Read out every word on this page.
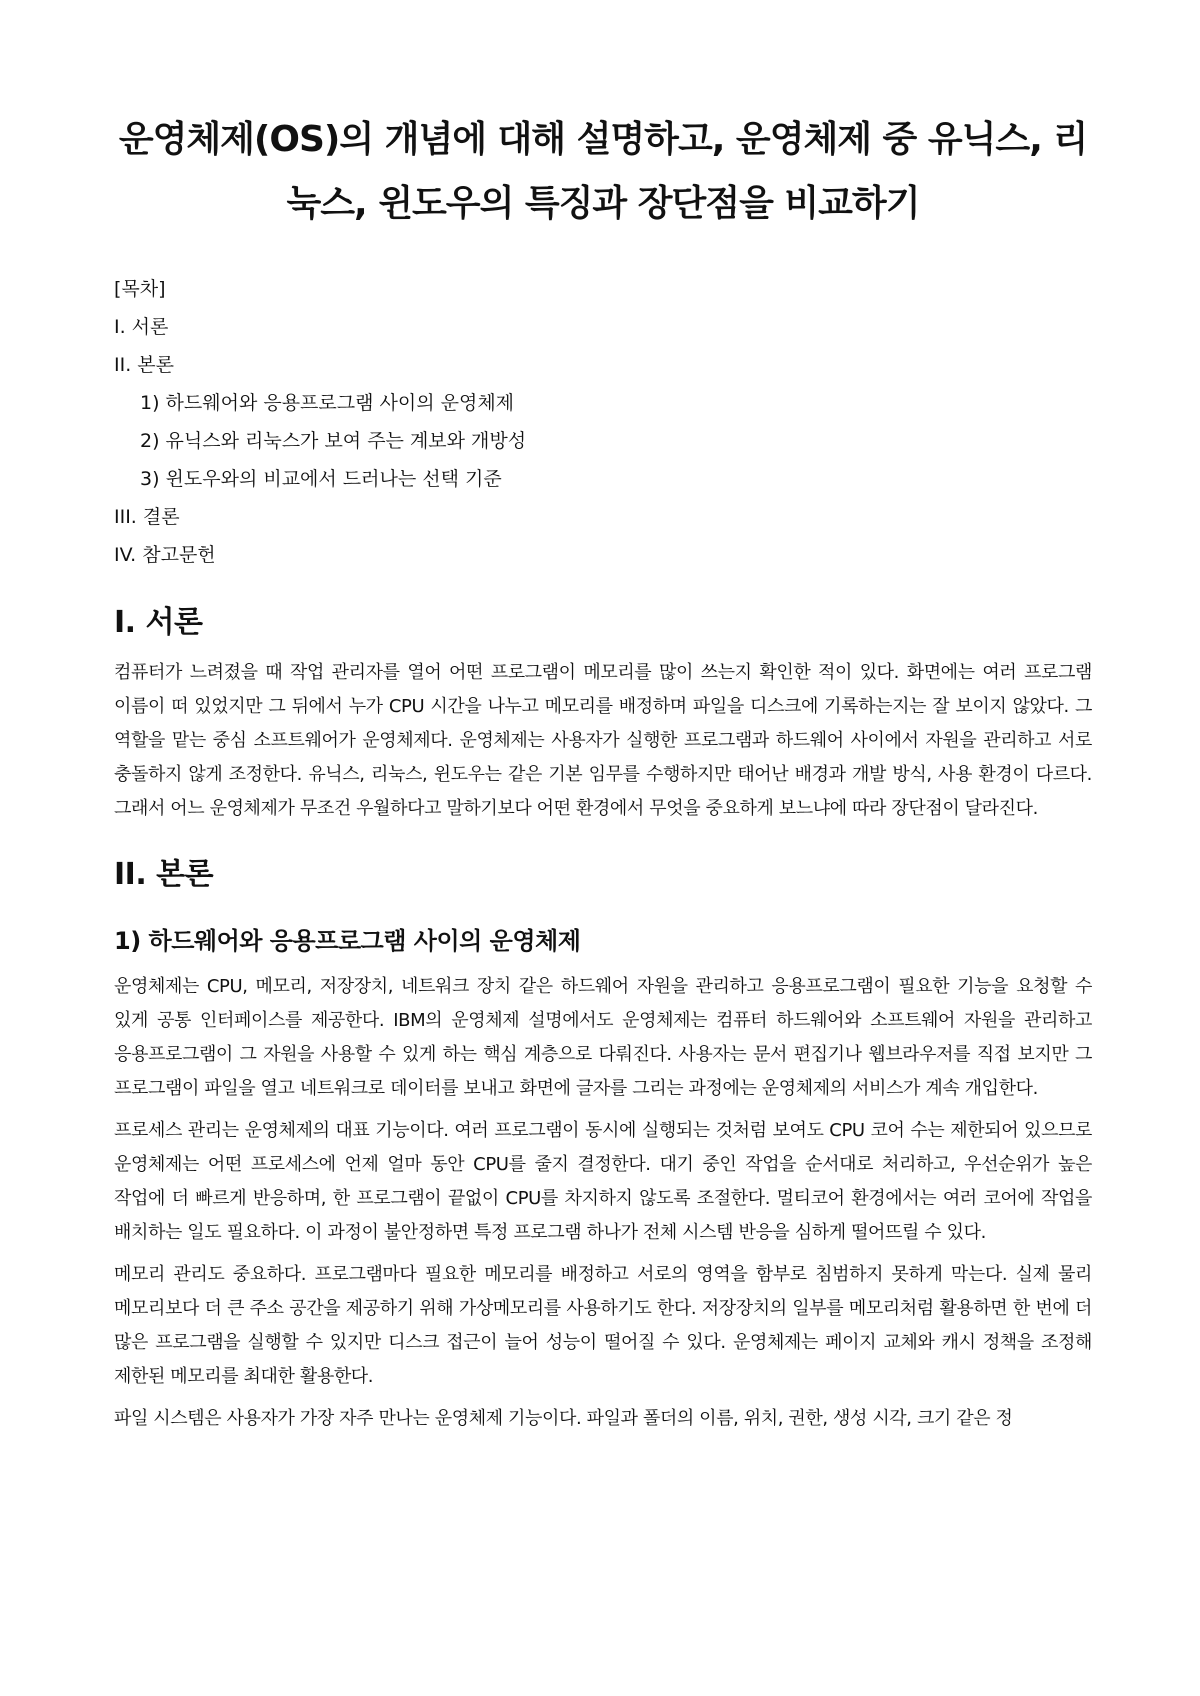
운영체제(OS)의 개념에 대해 설명하고, 운영체제 중 유닉스, 리눅스, 윈도우의 특징과 장단점을 비교하기
[목차]
I. 서론
II. 본론
1) 하드웨어와 응용프로그램 사이의 운영체제
2) 유닉스와 리눅스가 보여 주는 계보와 개방성
3) 윈도우와의 비교에서 드러나는 선택 기준
III. 결론
IV. 참고문헌
I. 서론

컴퓨터가 느려졌을 때 작업 관리자를 열어 어떤 프로그램이 메모리를 많이 쓰는지 확인한 적이 있다. 화면에는 여러 프로그램 이름이 떠 있었지만 그 뒤에서 누가 CPU 시간을 나누고 메모리를 배정하며 파일을 디스크에 기록하는지는 잘 보이지 않았다. 그 역할을 맡는 중심 소프트웨어가 운영체제다. 운영체제는 사용자가 실행한 프로그램과 하드웨어 사이에서 자원을 관리하고 서로 충돌하지 않게 조정한다. 유닉스, 리눅스, 윈도우는 같은 기본 임무를 수행하지만 태어난 배경과 개발 방식, 사용 환경이 다르다. 그래서 어느 운영체제가 무조건 우월하다고 말하기보다 어떤 환경에서 무엇을 중요하게 보느냐에 따라 장단점이 달라진다.

II. 본론
1) 하드웨어와 응용프로그램 사이의 운영체제

운영체제는 CPU, 메모리, 저장장치, 네트워크 장치 같은 하드웨어 자원을 관리하고 응용프로그램이 필요한 기능을 요청할 수 있게 공통 인터페이스를 제공한다. IBM의 운영체제 설명에서도 운영체제는 컴퓨터 하드웨어와 소프트웨어 자원을 관리하고 응용프로그램이 그 자원을 사용할 수 있게 하는 핵심 계층으로 다뤄진다. 사용자는 문서 편집기나 웹브라우저를 직접 보지만 그 프로그램이 파일을 열고 네트워크로 데이터를 보내고 화면에 글자를 그리는 과정에는 운영체제의 서비스가 계속 개입한다.

프로세스 관리는 운영체제의 대표 기능이다. 여러 프로그램이 동시에 실행되는 것처럼 보여도 CPU 코어 수는 제한되어 있으므로 운영체제는 어떤 프로세스에 언제 얼마 동안 CPU를 줄지 결정한다. 대기 중인 작업을 순서대로 처리하고, 우선순위가 높은 작업에 더 빠르게 반응하며, 한 프로그램이 끝없이 CPU를 차지하지 않도록 조절한다. 멀티코어 환경에서는 여러 코어에 작업을 배치하는 일도 필요하다. 이 과정이 불안정하면 특정 프로그램 하나가 전체 시스템 반응을 심하게 떨어뜨릴 수 있다.

메모리 관리도 중요하다. 프로그램마다 필요한 메모리를 배정하고 서로의 영역을 함부로 침범하지 못하게 막는다. 실제 물리 메모리보다 더 큰 주소 공간을 제공하기 위해 가상메모리를 사용하기도 한다. 저장장치의 일부를 메모리처럼 활용하면 한 번에 더 많은 프로그램을 실행할 수 있지만 디스크 접근이 늘어 성능이 떨어질 수 있다. 운영체제는 페이지 교체와 캐시 정책을 조정해 제한된 메모리를 최대한 활용한다.

파일 시스템은 사용자가 가장 자주 만나는 운영체제 기능이다. 파일과 폴더의 이름, 위치, 권한, 생성 시각, 크기 같은 정
